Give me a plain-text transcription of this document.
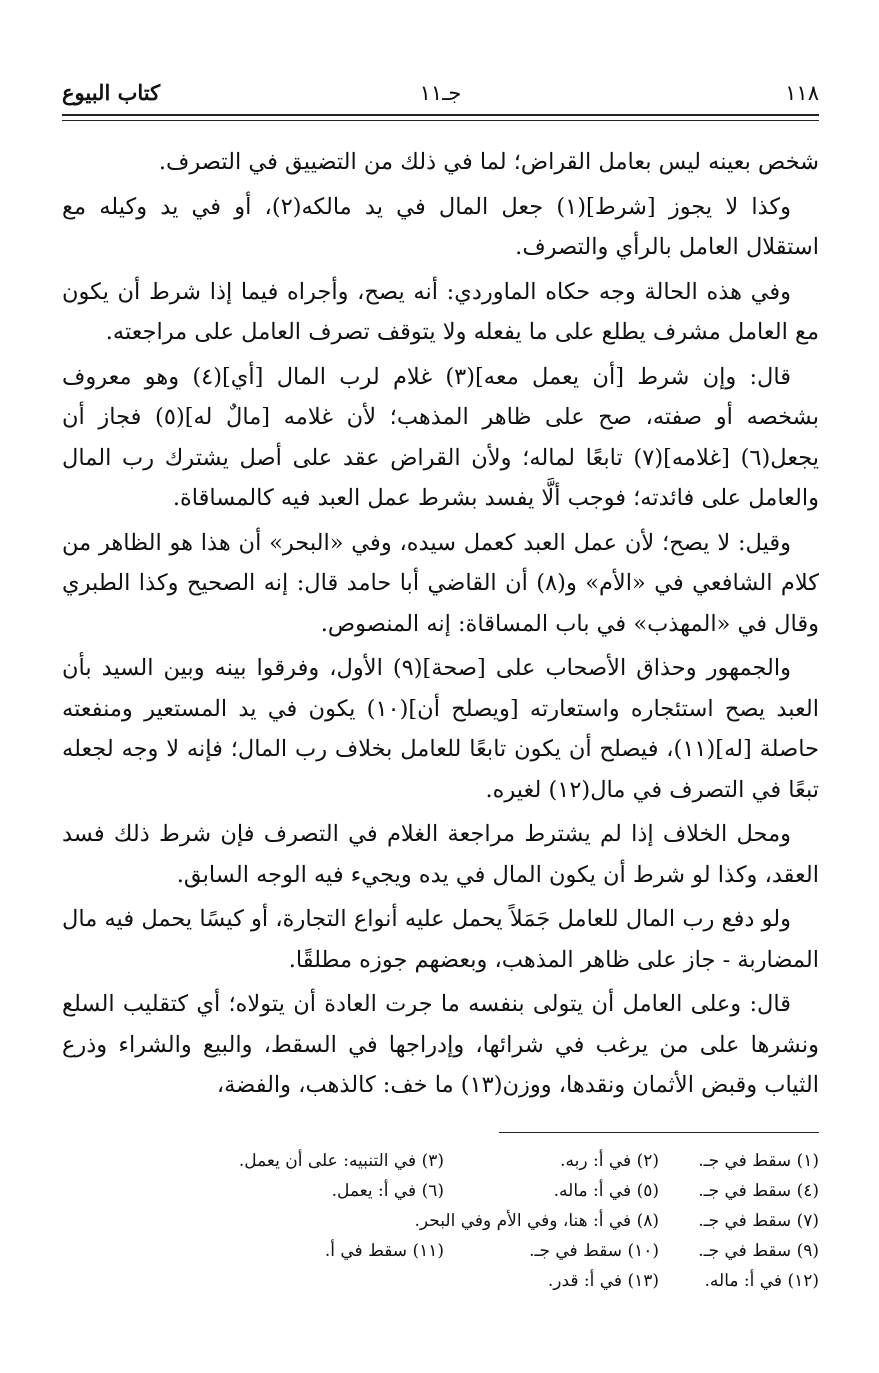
١١٨
جـ١١
كتاب البيوع

شخص بعينه ليس بعامل القراض؛ لما في ذلك من التضييق في التصرف.

وكذا لا يجوز [شرط](١) جعل المال في يد مالكه(٢)، أو في يد وكيله مع استقلال العامل بالرأي والتصرف.

وفي هذه الحالة وجه حكاه الماوردي: أنه يصح، وأجراه فيما إذا شرط أن يكون مع العامل مشرف يطلع على ما يفعله ولا يتوقف تصرف العامل على مراجعته.

قال: وإن شرط [أن يعمل معه](٣) غلام لرب المال [أي](٤) وهو معروف بشخصه أو صفته، صح على ظاهر المذهب؛ لأن غلامه [مالٌ له](٥) فجاز أن يجعل(٦) [غلامه](٧) تابعًا لماله؛ ولأن القراض عقد على أصل يشترك رب المال والعامل على فائدته؛ فوجب ألَّا يفسد بشرط عمل العبد فيه كالمساقاة.

وقيل: لا يصح؛ لأن عمل العبد كعمل سيده، وفي «البحر» أن هذا هو الظاهر من كلام الشافعي في «الأم» و(٨) أن القاضي أبا حامد قال: إنه الصحيح وكذا الطبري وقال في «المهذب» في باب المساقاة: إنه المنصوص.

والجمهور وحذاق الأصحاب على [صحة](٩) الأول، وفرقوا بينه وبين السيد بأن العبد يصح استئجاره واستعارته [ويصلح أن](١٠) يكون في يد المستعير ومنفعته حاصلة [له](١١)، فيصلح أن يكون تابعًا للعامل بخلاف رب المال؛ فإنه لا وجه لجعله تبعًا في التصرف في مال(١٢) لغيره.

ومحل الخلاف إذا لم يشترط مراجعة الغلام في التصرف فإن شرط ذلك فسد العقد، وكذا لو شرط أن يكون المال في يده ويجيء فيه الوجه السابق.

ولو دفع رب المال للعامل جَمَلاً يحمل عليه أنواع التجارة، أو كيسًا يحمل فيه مال المضاربة - جاز على ظاهر المذهب، وبعضهم جوزه مطلقًا.

قال: وعلى العامل أن يتولى بنفسه ما جرت العادة أن يتولاه؛ أي كتقليب السلع ونشرها على من يرغب في شرائها، وإدراجها في السقط، والبيع والشراء وذرع الثياب وقبض الأثمان ونقدها، ووزن(١٣) ما خف: كالذهب، والفضة،

(١) سقط في جـ.
(٢) في أ: ربه.
(٣) في التنبيه: على أن يعمل.
(٤) سقط في جـ.
(٥) في أ: ماله.
(٦) في أ: يعمل.
(٧) سقط في جـ.
(٨) في أ: هنا، وفي الأم وفي البحر.
(٩) سقط في جـ.
(١٠) سقط في جـ.
(١١) سقط في أ.
(١٢) في أ: ماله.
(١٣) في أ: قدر.
